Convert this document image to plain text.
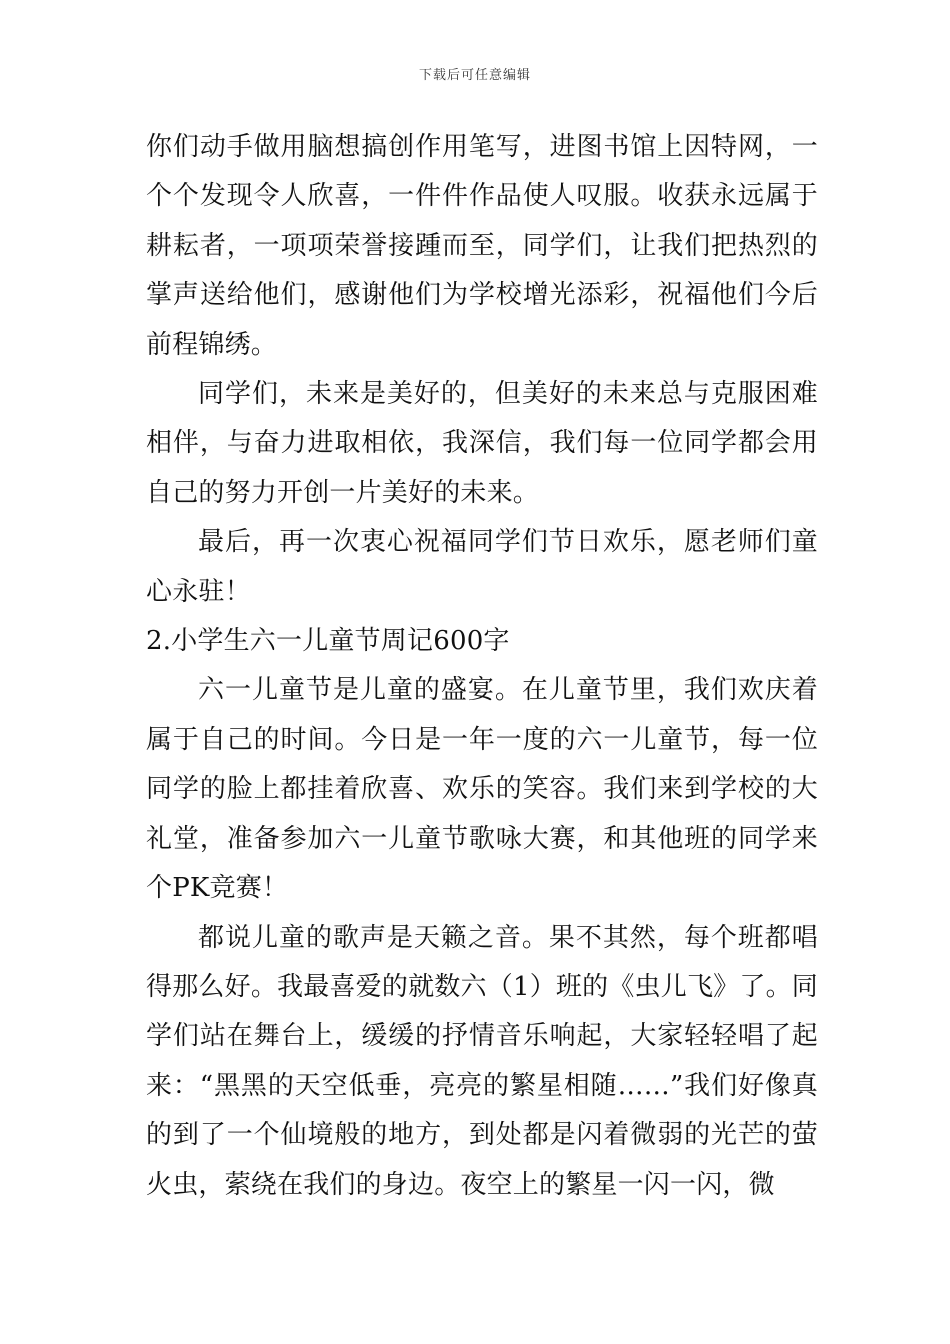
下载后可任意编辑

你们动手做用脑想搞创作用笔写，进图书馆上因特网，一个个发现令人欣喜，一件件作品使人叹服。收获永远属于耕耘者，一项项荣誉接踵而至，同学们，让我们把热烈的掌声送给他们，感谢他们为学校增光添彩，祝福他们今后前程锦绣。

同学们，未来是美好的，但美好的未来总与克服困难相伴，与奋力进取相依，我深信，我们每一位同学都会用自己的努力开创一片美好的未来。

最后，再一次衷心祝福同学们节日欢乐，愿老师们童心永驻！

2.小学生六一儿童节周记600字

六一儿童节是儿童的盛宴。在儿童节里，我们欢庆着属于自己的时间。今日是一年一度的六一儿童节，每一位同学的脸上都挂着欣喜、欢乐的笑容。我们来到学校的大礼堂，准备参加六一儿童节歌咏大赛，和其他班的同学来个PK竞赛！

都说儿童的歌声是天籁之音。果不其然，每个班都唱得那么好。我最喜爱的就数六（1）班的《虫儿飞》了。同学们站在舞台上，缓缓的抒情音乐响起，大家轻轻唱了起来：“黑黑的天空低垂，亮亮的繁星相随……”我们好像真的到了一个仙境般的地方，到处都是闪着微弱的光芒的萤火虫，萦绕在我们的身边。夜空上的繁星一闪一闪，微
